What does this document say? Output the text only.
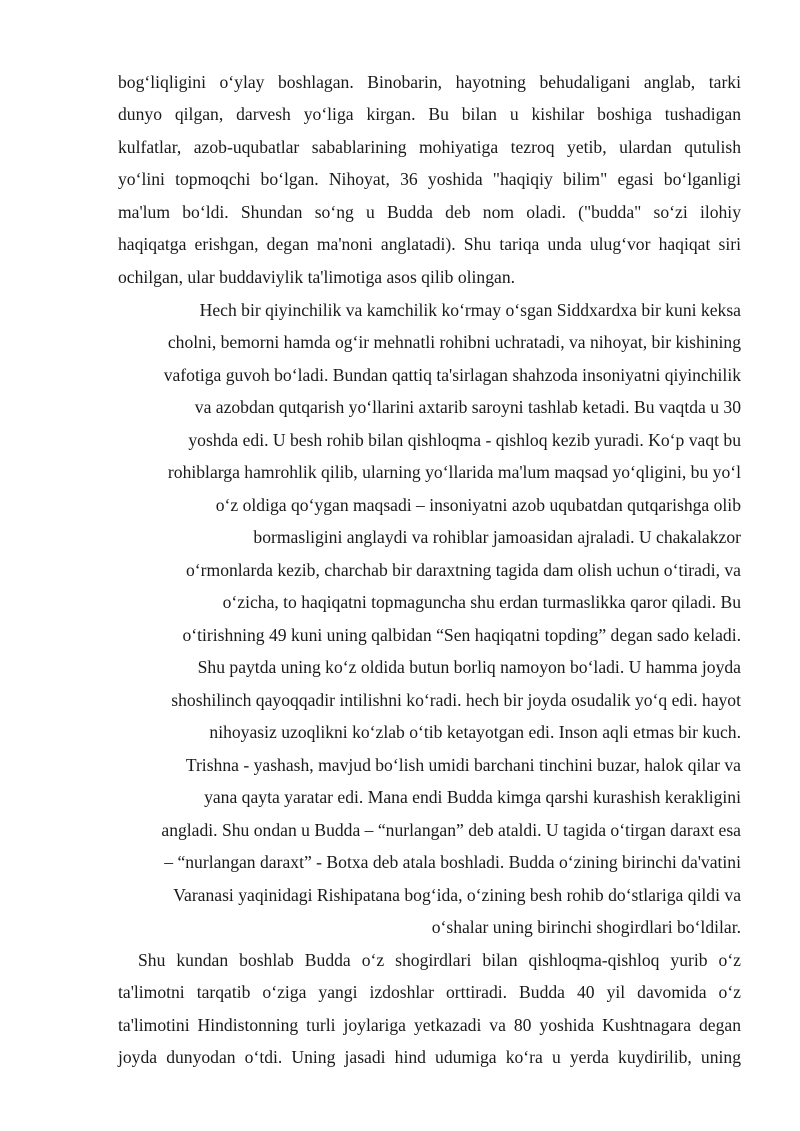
bog‘liqligini o‘ylay boshlagan. Binobarin, hayotning behudaligani anglab, tarki
dunyo qilgan, darvesh yo‘liga kirgan. Bu bilan u kishilar boshiga tushadigan
kulfatlar, azob-uqubatlar sabablarining mohiyatiga tezroq yetib, ulardan qutulish
yo‘lini topmoqchi bo‘lgan. Nihoyat, 36 yoshida "haqiqiy bilim" egasi bo‘lganligi
ma'lum bo‘ldi. Shundan so‘ng u Budda deb nom oladi. ("budda" so‘zi ilohiy
haqiqatga erishgan, degan ma'noni anglatadi). Shu tariqa unda ulug‘vor haqiqat siri
ochilgan, ular buddaviylik ta'limotiga asos qilib olingan.
Hech bir qiyinchilik va kamchilik ko‘rmay o‘sgan Siddxardxa bir kuni keksa
cholni, bemorni hamda og‘ir mehnatli rohibni uchratadi, va nihoyat, bir kishining
vafotiga guvoh bo‘ladi. Bundan qattiq ta'sirlagan shahzoda insoniyatni qiyinchilik
va azobdan qutqarish yo‘llarini axtarib saroyni tashlab ketadi. Bu vaqtda u 30
yoshda edi. U besh rohib bilan qishloqma - qishloq kezib yuradi. Ko‘p vaqt bu
rohiblarga hamrohlik qilib, ularning yo‘llarida ma'lum maqsad yo‘qligini, bu yo‘l
o‘z oldiga qo‘ygan maqsadi – insoniyatni azob uqubatdan qutqarishga olib
bormasligini anglaydi va rohiblar jamoasidan ajraladi. U chakalakzor
o‘rmonlarda kezib, charchab bir daraxtning tagida dam olish uchun o‘tiradi, va
o‘zicha, to haqiqatni topmaguncha shu erdan turmaslikka qaror qiladi. Bu
o‘tirishning 49 kuni uning qalbidan “Sen haqiqatni topding” degan sado keladi.
Shu paytda uning ko‘z oldida butun borliq namoyon bo‘ladi. U hamma joyda
shoshilinch qayoqqadir intilishni ko‘radi. hech bir joyda osudalik yo‘q edi. hayot
nihoyasiz uzoqlikni ko‘zlab o‘tib ketayotgan edi. Inson aqli etmas bir kuch.
Trishna - yashash, mavjud bo‘lish umidi barchani tinchini buzar, halok qilar va
yana qayta yaratar edi. Mana endi Budda kimga qarshi kurashish kerakligini
angladi. Shu ondan u Budda – “nurlangan” deb ataldi. U tagida o‘tirgan daraxt esa
– “nurlangan daraxt” - Botxa deb atala boshladi. Budda o‘zining birinchi da'vatini
Varanasi yaqinidagi Rishipatana bog‘ida, o‘zining besh rohib do‘stlariga qildi va
o‘shalar uning birinchi shogirdlari bo‘ldilar.
Shu kundan boshlab Budda o‘z shogirdlari bilan qishloqma-qishloq yurib o‘z
ta'limotni tarqatib o‘ziga yangi izdoshlar orttiradi. Budda 40 yil davomida o‘z
ta'limotini Hindistonning turli joylariga yetkazadi va 80 yoshida Kushtnagara degan
joyda dunyodan o‘tdi. Uning jasadi hind udumiga ko‘ra u yerda kuydirilib, uning
